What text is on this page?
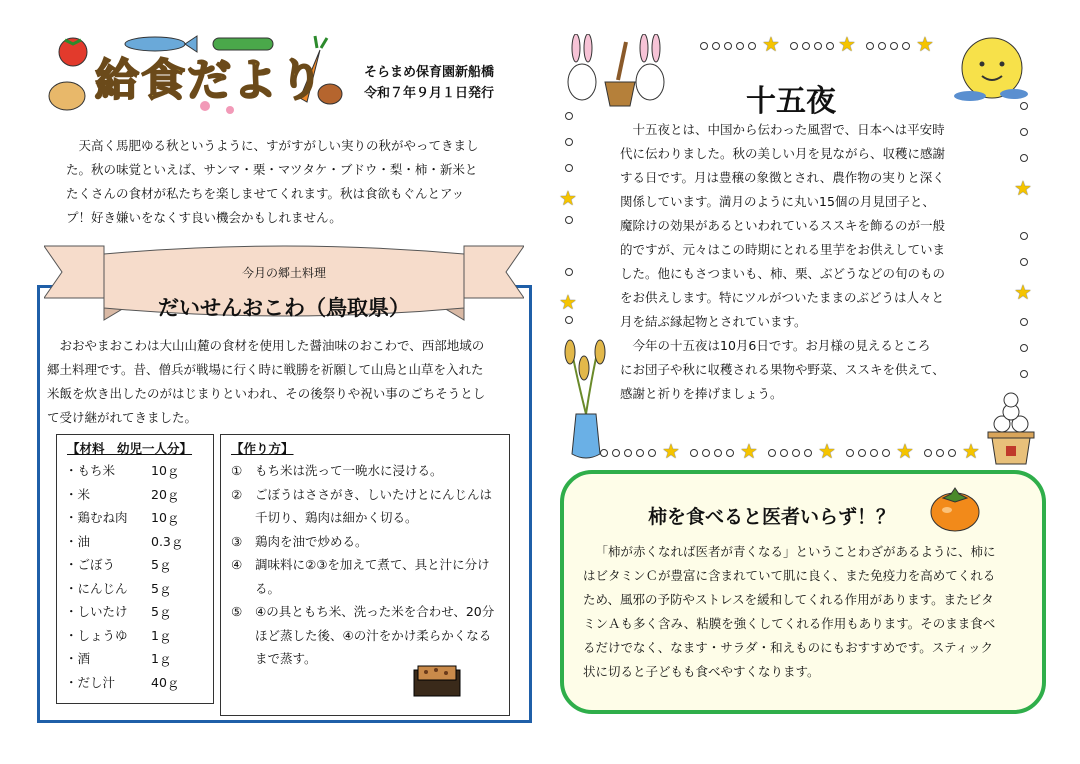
給食だより	そらまめ保育園新船橋
令和７年９月１日発行

天高く馬肥ゆる秋というように、すがすがしい実りの秋がやってきまし

た。秋の味覚といえば、サンマ・栗・マツタケ・ブドウ・梨・柿・新米と

たくさんの食材が私たちを楽しませてくれます。秋は食欲もぐんとアッ

プ！好き嫌いをなくす良い機会かもしれません。

今月の郷土料理
だいせんおこわ（鳥取県）

おおやまおこわは大山山麓の食材を使用した醤油味のおこわで、西部地域の

郷土料理です。昔、僧兵が戦場に行く時に戦勝を祈願して山鳥と山草を入れた

米飯を炊き出したのがはじまりといわれ、その後祭りや祝い事のごちそうとし

て受け継がれてきました。

【材料　幼児一人分】
・もち米	10ｇ
・米	20ｇ
・鶏むね肉	10ｇ
・油	0.3ｇ
・ごぼう	5ｇ
・にんじん	5ｇ
・しいたけ	5ｇ
・しょうゆ	1ｇ
・酒	1ｇ
・だし汁	40ｇ
【作り方】
①	もち米は洗って一晩水に浸ける。
②	ごぼうはささがき、しいたけとにんじんは千切り、鶏肉は細かく切る。
③	鶏肉を油で炒める。
④	調味料に②③を加えて煮て、具と汁に分ける。
⑤	④の具ともち米、洗った米を合わせ、20分ほど蒸した後、④の汁をかけ柔らかくなるまで蒸す。
★	★	★
★
★
★
★
★	★	★	★ ★
十五夜

十五夜とは、中国から伝わった風習で、日本へは平安時

代に伝わりました。秋の美しい月を見ながら、収穫に感謝

する日です。月は豊穣の象徴とされ、農作物の実りと深く

関係しています。満月のように丸い15個の月見団子と、

魔除けの効果があるといわれているススキを飾るのが一般

的ですが、元々はこの時期にとれる里芋をお供えしていま

した。他にもさつまいも、柿、栗、ぶどうなどの旬のもの

をお供えします。特にツルがついたままのぶどうは人々と

月を結ぶ縁起物とされています。

今年の十五夜は10月6日です。お月様の見えるところ

にお団子や秋に収穫される果物や野菜、ススキを供えて、

感謝と祈りを捧げましょう。

柿を食べると医者いらず！？

「柿が赤くなれば医者が青くなる」ということわざがあるように、柿に

はビタミンＣが豊富に含まれていて肌に良く、また免疫力を高めてくれる

ため、風邪の予防やストレスを緩和してくれる作用があります。またビタ

ミンＡも多く含み、粘膜を強くしてくれる作用もあります。そのまま食べ

るだけでなく、なます・サラダ・和えものにもおすすめです。スティック

状に切ると子どもも食べやすくなります。
